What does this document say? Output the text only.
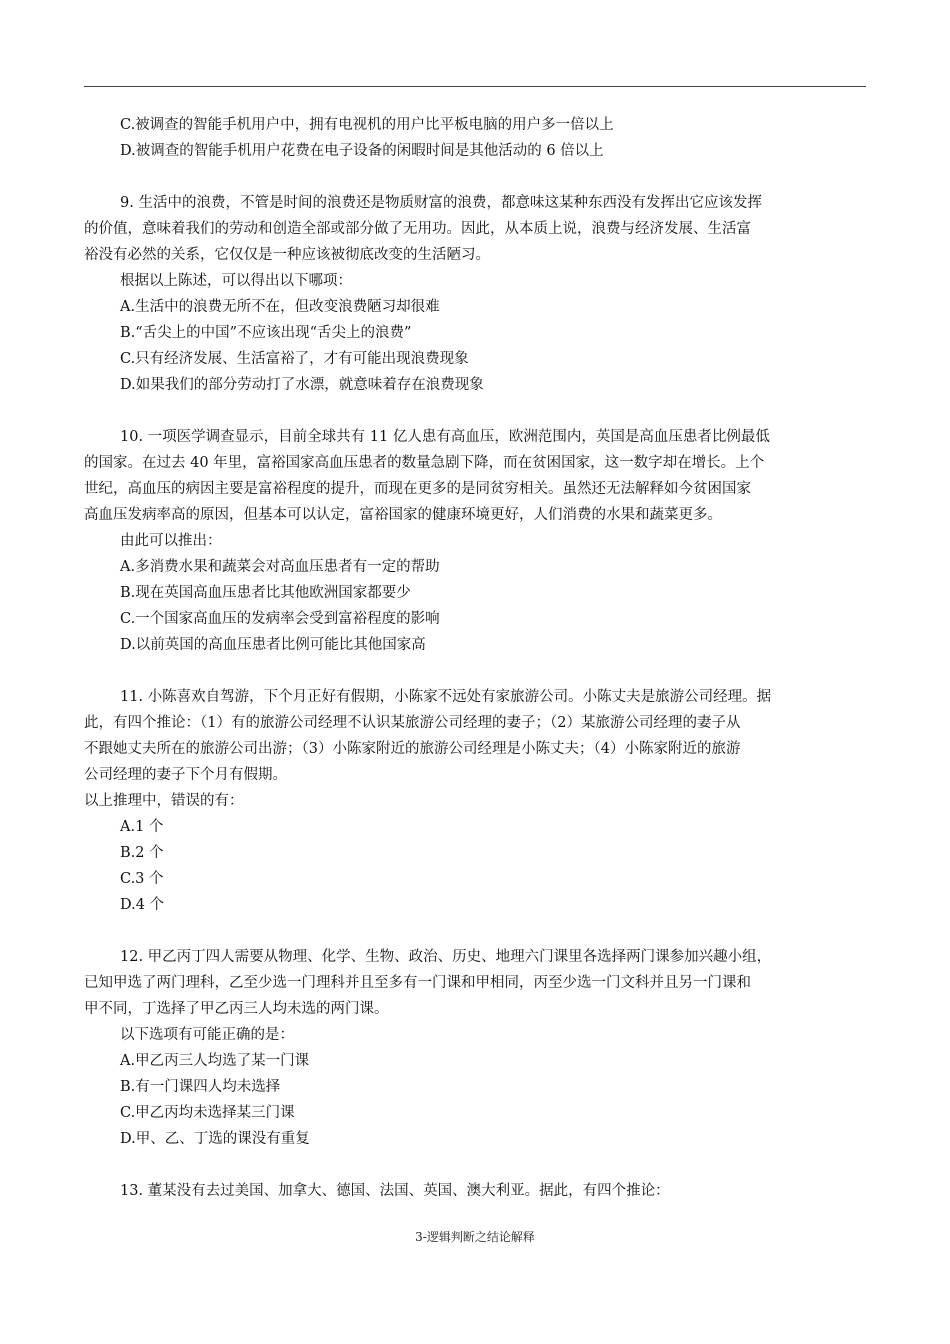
C.被调查的智能手机用户中，拥有电视机的用户比平板电脑的用户多一倍以上
D.被调查的智能手机用户花费在电子设备的闲暇时间是其他活动的 6 倍以上
9. 生活中的浪费，不管是时间的浪费还是物质财富的浪费，都意味这某种东西没有发挥出它应该发挥
的价值，意味着我们的劳动和创造全部或部分做了无用功。因此，从本质上说，浪费与经济发展、生活富
裕没有必然的关系，它仅仅是一种应该被彻底改变的生活陋习。
根据以上陈述，可以得出以下哪项：
A.生活中的浪费无所不在，但改变浪费陋习却很难
B.“舌尖上的中国”不应该出现“舌尖上的浪费”
C.只有经济发展、生活富裕了，才有可能出现浪费现象
D.如果我们的部分劳动打了水漂，就意味着存在浪费现象
10. 一项医学调查显示，目前全球共有 11 亿人患有高血压，欧洲范围内，英国是高血压患者比例最低
的国家。在过去 40 年里，富裕国家高血压患者的数量急剧下降，而在贫困国家，这一数字却在增长。上个
世纪，高血压的病因主要是富裕程度的提升，而现在更多的是同贫穷相关。虽然还无法解释如今贫困国家
高血压发病率高的原因，但基本可以认定，富裕国家的健康环境更好，人们消费的水果和蔬菜更多。
由此可以推出：
A.多消费水果和蔬菜会对高血压患者有一定的帮助
B.现在英国高血压患者比其他欧洲国家都要少
C.一个国家高血压的发病率会受到富裕程度的影响
D.以前英国的高血压患者比例可能比其他国家高
11. 小陈喜欢自驾游，下个月正好有假期，小陈家不远处有家旅游公司。小陈丈夫是旅游公司经理。据
此，有四个推论：（1）有的旅游公司经理不认识某旅游公司经理的妻子；（2）某旅游公司经理的妻子从
不跟她丈夫所在的旅游公司出游；（3）小陈家附近的旅游公司经理是小陈丈夫；（4）小陈家附近的旅游
公司经理的妻子下个月有假期。
以上推理中，错误的有：
A.1 个
B.2 个
C.3 个
D.4 个
12. 甲乙丙丁四人需要从物理、化学、生物、政治、历史、地理六门课里各选择两门课参加兴趣小组，
已知甲选了两门理科，乙至少选一门理科并且至多有一门课和甲相同，丙至少选一门文科并且另一门课和
甲不同，丁选择了甲乙丙三人均未选的两门课。
以下选项有可能正确的是：
A.甲乙丙三人均选了某一门课
B.有一门课四人均未选择
C.甲乙丙均未选择某三门课
D.甲、乙、丁选的课没有重复
13. 董某没有去过美国、加拿大、德国、法国、英国、澳大利亚。据此，有四个推论：
3-逻辑判断之结论解释
